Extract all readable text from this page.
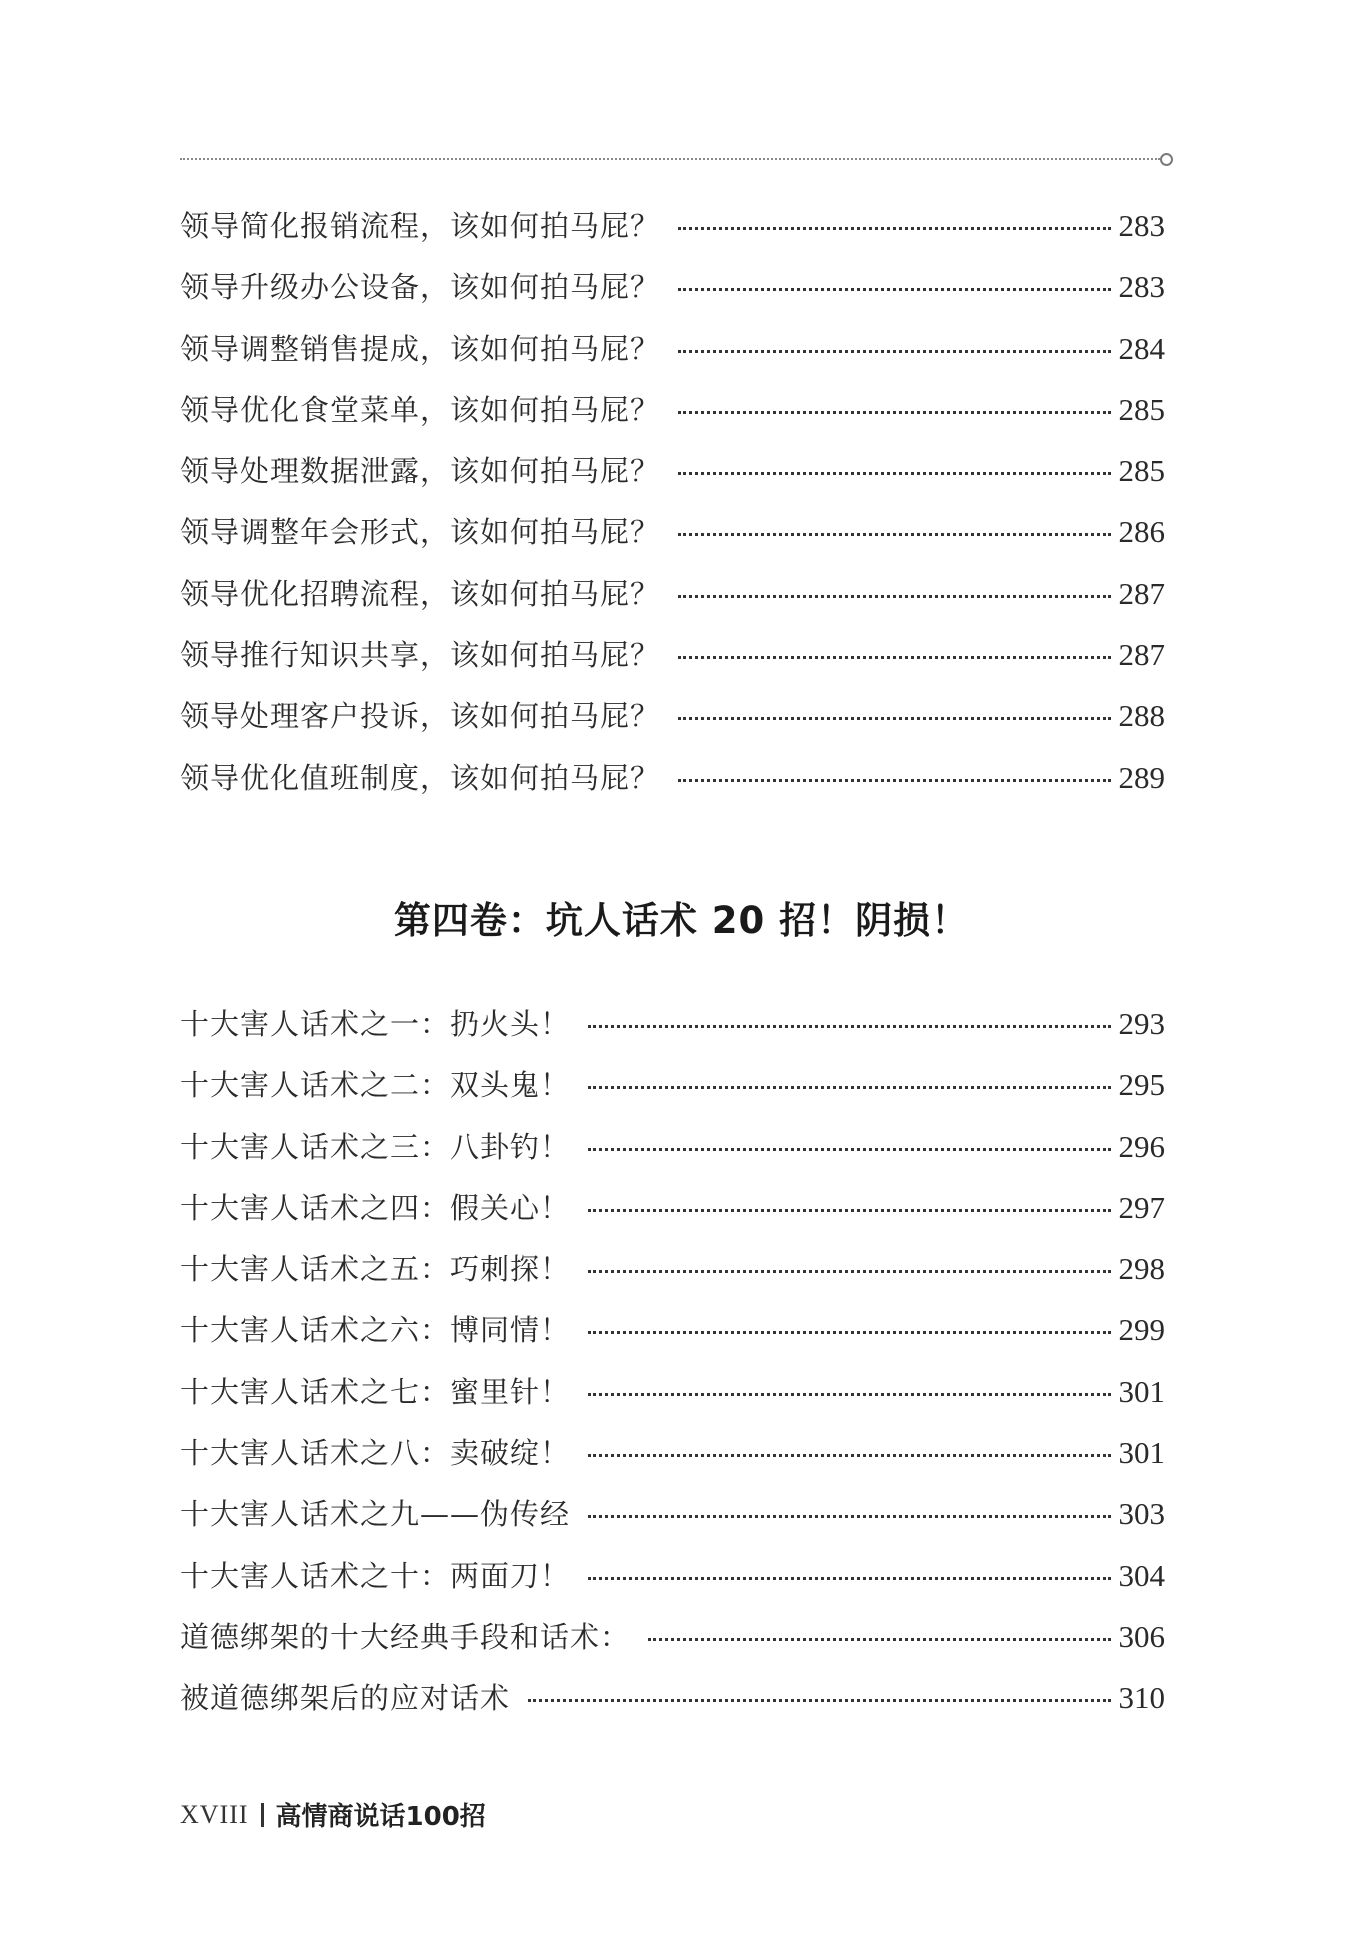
领导简化报销流程，该如何拍马屁？	283
领导升级办公设备，该如何拍马屁？	283
领导调整销售提成，该如何拍马屁？	284
领导优化食堂菜单，该如何拍马屁？	285
领导处理数据泄露，该如何拍马屁？	285
领导调整年会形式，该如何拍马屁？	286
领导优化招聘流程，该如何拍马屁？	287
领导推行知识共享，该如何拍马屁？	287
领导处理客户投诉，该如何拍马屁？	288
领导优化值班制度，该如何拍马屁？	289
第四卷：坑人话术 20 招！阴损！
十大害人话术之一：扔火头！	293
十大害人话术之二：双头鬼！	295
十大害人话术之三：八卦钓！	296
十大害人话术之四：假关心！	297
十大害人话术之五：巧刺探！	298
十大害人话术之六：博同情！	299
十大害人话术之七：蜜里针！	301
十大害人话术之八：卖破绽！	301
十大害人话术之九——伪传经	303
十大害人话术之十：两面刀！	304
道德绑架的十大经典手段和话术：	306
被道德绑架后的应对话术	310
XVIII 高情商说话100招
